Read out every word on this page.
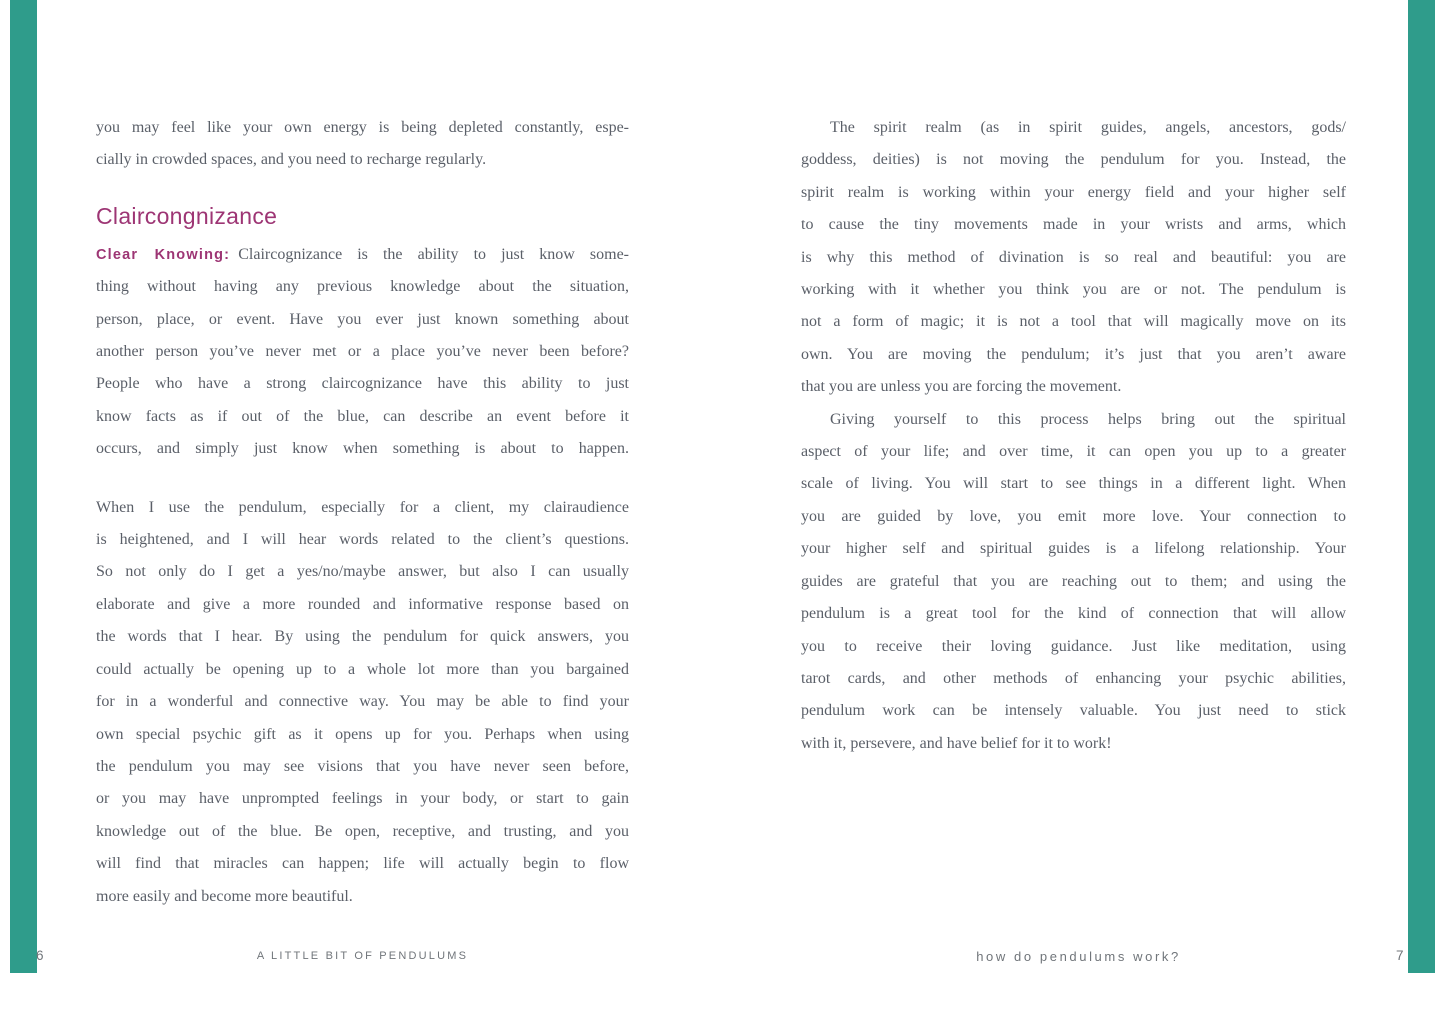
you may feel like your own energy is being depleted constantly, espe-
cially in crowded spaces, and you need to recharge regularly.
Claircongnizance
Clear Knowing: Claircognizance is the ability to just know some-
thing without having any previous knowledge about the situation,
person, place, or event. Have you ever just known something about
another person you’ve never met or a place you’ve never been before?
People who have a strong claircognizance have this ability to just
know facts as if out of the blue, can describe an event before it
occurs, and simply just know when something is about to happen.
When I use the pendulum, especially for a client, my clairaudience
is heightened, and I will hear words related to the client’s questions.
So not only do I get a yes/no/maybe answer, but also I can usually
elaborate and give a more rounded and informative response based on
the words that I hear. By using the pendulum for quick answers, you
could actually be opening up to a whole lot more than you bargained
for in a wonderful and connective way. You may be able to find your
own special psychic gift as it opens up for you. Perhaps when using
the pendulum you may see visions that you have never seen before,
or you may have unprompted feelings in your body, or start to gain
knowledge out of the blue. Be open, receptive, and trusting, and you
will find that miracles can happen; life will actually begin to flow
more easily and become more beautiful.
The spirit realm (as in spirit guides, angels, ancestors, gods/
goddess, deities) is not moving the pendulum for you. Instead, the
spirit realm is working within your energy field and your higher self
to cause the tiny movements made in your wrists and arms, which
is why this method of divination is so real and beautiful: you are
working with it whether you think you are or not. The pendulum is
not a form of magic; it is not a tool that will magically move on its
own. You are moving the pendulum; it’s just that you aren’t aware
that you are unless you are forcing the movement.
Giving yourself to this process helps bring out the spiritual
aspect of your life; and over time, it can open you up to a greater
scale of living. You will start to see things in a different light. When
you are guided by love, you emit more love. Your connection to
your higher self and spiritual guides is a lifelong relationship. Your
guides are grateful that you are reaching out to them; and using the
pendulum is a great tool for the kind of connection that will allow
you to receive their loving guidance. Just like meditation, using
tarot cards, and other methods of enhancing your psychic abilities,
pendulum work can be intensely valuable. You just need to stick
with it, persevere, and have belief for it to work!
6	A LITTLE BIT OF PENDULUMS	how do pendulums work?	7
